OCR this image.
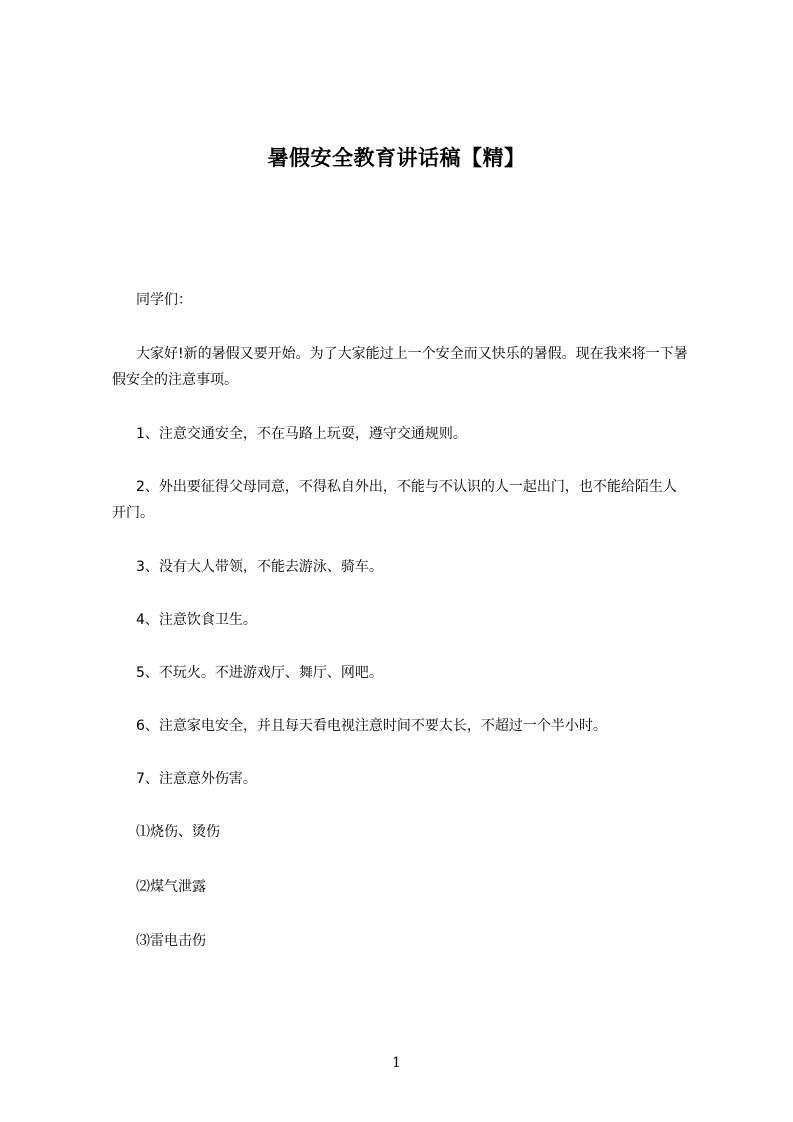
暑假安全教育讲话稿【精】
同学们：
大家好!新的暑假又要开始。为了大家能过上一个安全而又快乐的暑假。现在我来将一下暑假安全的注意事项。
1、注意交通安全，不在马路上玩耍，遵守交通规则。
2、外出要征得父母同意，不得私自外出，不能与不认识的人一起出门，也不能给陌生人开门。
3、没有大人带领，不能去游泳、骑车。
4、注意饮食卫生。
5、不玩火。不进游戏厅、舞厅、网吧。
6、注意家电安全，并且每天看电视注意时间不要太长，不超过一个半小时。
7、注意意外伤害。
⑴烧伤、烫伤
⑵煤气泄露
⑶雷电击伤
1
